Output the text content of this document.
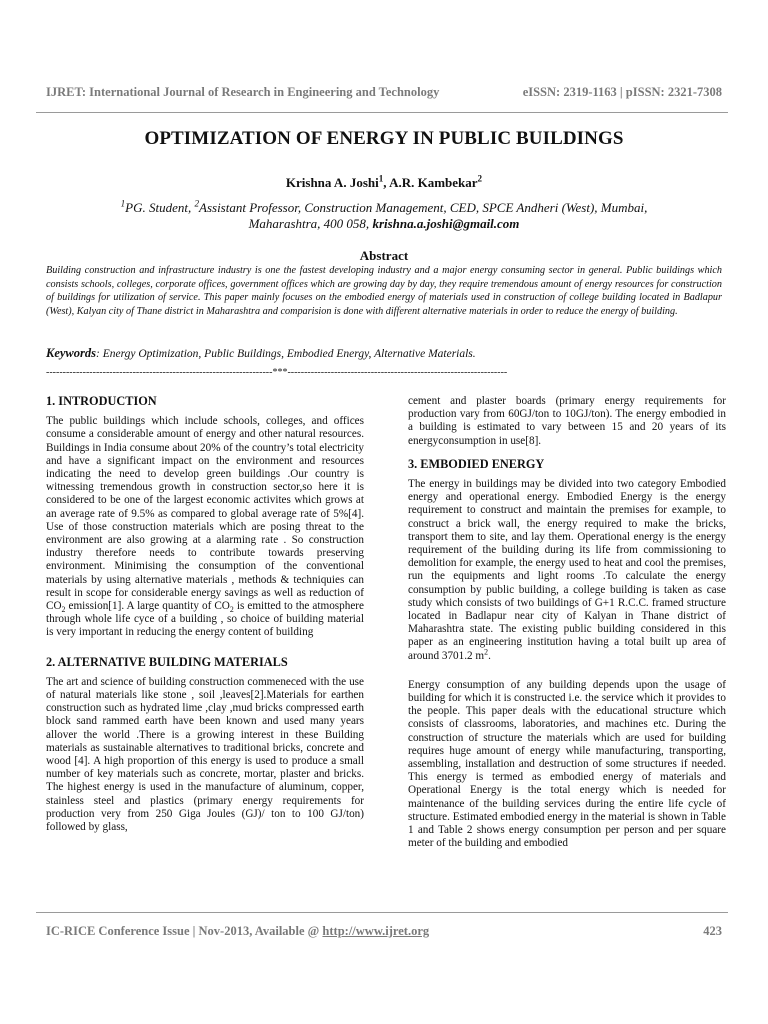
IJRET: International Journal of Research in Engineering and Technology	eISSN: 2319-1163 | pISSN: 2321-7308
OPTIMIZATION OF ENERGY IN PUBLIC BUILDINGS
Krishna A. Joshi$^1$, A.R. Kambekar$^2$
$^1$PG. Student, $^2$Assistant Professor, Construction Management, CED, SPCE Andheri (West), Mumbai,
Maharashtra, 400 058, krishna.a.joshi@gmail.com
Abstract
Building construction and infrastructure industry is one the fastest developing industry and a major energy consuming sector in general. Public buildings which consists schools, colleges, corporate offices, government offices which are growing day by day, they require tremendous amount of energy resources for construction of buildings for utilization of service. This paper mainly focuses on the embodied energy of materials used in construction of college building located in Badlapur (West), Kalyan city of Thane district in Maharashtra and comparision is done with different alternative materials in order to reduce the energy of building.
Keywords: Energy Optimization, Public Buildings, Embodied Energy, Alternative Materials.
--------------------------------------------------------------------***------------------------------------------------------------------
1. INTRODUCTION

The public buildings which include schools, colleges, and offices consume a considerable amount of energy and other natural resources. Buildings in India consume about 20% of the country’s total electricity and have a significant impact on the environment and resources indicating the need to develop green buildings .Our country is witnessing tremendous growth in construction sector,so here it is considered to be one of the largest economic activites which grows at an average rate of 9.5% as compared to global average rate of 5%[4]. Use of those construction materials which are posing threat to the environment are also growing at a alarming rate . So construction industry therefore needs to contribute towards preserving environment. Minimising the consumption of the conventional materials by using alternative materials , methods & techniquies can result in scope for considerable energy savings as well as reduction of $CO_2$ emission[1]. A large quantity of $CO_2$ is emitted to the atmosphere through whole life cyce of a building , so choice of building material is very important in reducing the energy content of building

2. ALTERNATIVE BUILDING MATERIALS

The art and science of building construction commeneced with the use of natural materials like stone , soil ,leaves[2].Materials for earthen construction such as hydrated lime ,clay ,mud bricks compressed earth block sand rammed earth have been known and used many years allover the world .There is a growing interest in these Building materials as sustainable alternatives to traditional bricks, concrete and wood [4]. A high proportion of this energy is used to produce a small number of key materials such as concrete, mortar, plaster and bricks. The highest energy is used in the manufacture of aluminum, copper, stainless steel and plastics (primary energy requirements for production very from 250 Giga Joules (GJ)/ ton to 100 GJ/ton) followed by glass,

cement and plaster boards (primary energy requirements for production vary from 60GJ/ton to 10GJ/ton). The energy embodied in a building is estimated to vary between 15 and 20 years of its energyconsumption in use[8].

3. EMBODIED ENERGY

The energy in buildings may be divided into two category Embodied energy and operational energy. Embodied Energy is the energy requirement to construct and maintain the premises for example, to construct a brick wall, the energy required to make the bricks, transport them to site, and lay them. Operational energy is the energy requirement of the building during its life from commissioning to demolition for example, the energy used to heat and cool the premises, run the equipments and light rooms .To calculate the energy consumption by public building, a college building is taken as case study which consists of two buildings of G+1 R.C.C. framed structure located in Badlapur near city of Kalyan in Thane district of Maharashtra state. The existing public building considered in this paper as an engineering institution having a total built up area of around 3701.2 $m^2$.

Energy consumption of any building depends upon the usage of building for which it is constructed i.e. the service which it provides to the people. This paper deals with the educational structure which consists of classrooms, laboratories, and machines etc. During the construction of structure the materials which are used for building requires huge amount of energy while manufacturing, transporting, assembling, installation and destruction of some structures if needed. This energy is termed as embodied energy of materials and Operational Energy is the total energy which is needed for maintenance of the building services during the entire life cycle of structure. Estimated embodied energy in the material is shown in Table 1 and Table 2 shows energy consumption per person and per square meter of the building and embodied

IC-RICE Conference Issue | Nov-2013, Available @ http://www.ijret.org	423
